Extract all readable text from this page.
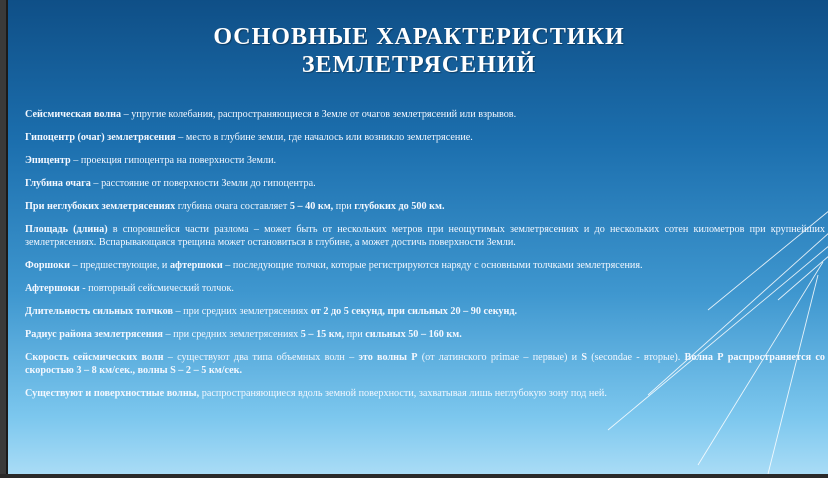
ОСНОВНЫЕ ХАРАКТЕРИСТИКИ
ЗЕМЛЕТРЯСЕНИЙ

Сейсмическая волна – упругие колебания, распространяющиеся в Земле от очагов землетрясений или взрывов.

Гипоцентр (очаг) землетрясения – место в глубине земли, где началось или возникло землетрясение.

Эпицентр – проекция гипоцентра на поверхности Земли.

Глубина очага – расстояние от поверхности Земли до гипоцентра.

При неглубоких землетрясениях глубина очага составляет 5 – 40 км, при глубоких до 500 км.

Площадь (длина) в споровшейся части разлома – может быть от нескольких метров при неощутимых землетрясениях и до нескольких сотен километров при крупнейших землетрясениях. Вспарывающаяся трещина может остановиться в глубине, а может достичь поверхности Земли.

Форшоки – предшествующие, и афтершоки – последующие толчки, которые регистрируются наряду с основными толчками землетрясения.

Афтершоки - повторный сейсмический толчок.

Длительность сильных толчков – при средних землетрясениях от 2 до 5 секунд, при сильных 20 – 90 секунд.

Радиус района землетрясения – при средних землетрясениях 5 – 15 км, при сильных 50 – 160 км.

Скорость сейсмических волн – существуют два типа объемных волн – это волны Р (от латинского primae – первые) и S (secondae - вторые). Волна Р распространяется со скоростью 3 – 8 км/сек., волны S – 2 – 5 км/сек.

Существуют и поверхностные волны, распространяющиеся вдоль земной поверхности, захватывая лишь неглубокую зону под ней.
